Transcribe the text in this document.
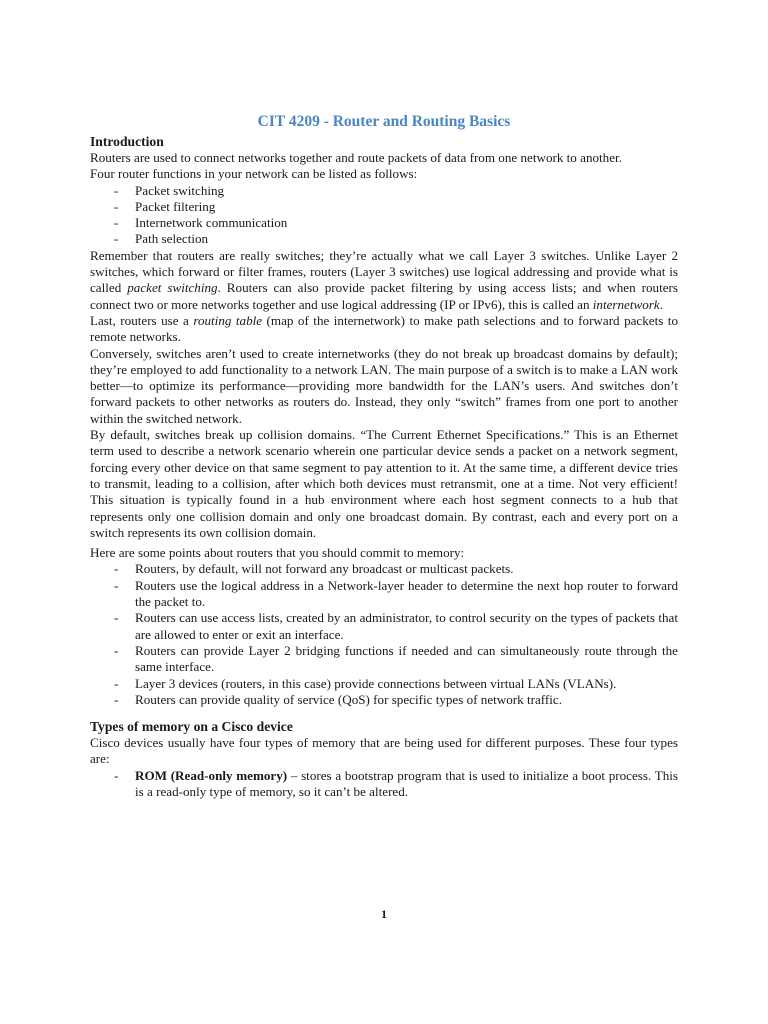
CIT 4209 - Router and Routing Basics
Introduction

Routers are used to connect networks together and route packets of data from one network to another.

Four router functions in your network can be listed as follows:

- Packet switching
- Packet filtering
- Internetwork communication
- Path selection

Remember that routers are really switches; they’re actually what we call Layer 3 switches. Unlike Layer 2 switches, which forward or filter frames, routers (Layer 3 switches) use logical addressing and provide what is called packet switching. Routers can also provide packet filtering by using access lists; and when routers connect two or more networks together and use logical addressing (IP or IPv6), this is called an internetwork.

Last, routers use a routing table (map of the internetwork) to make path selections and to forward packets to remote networks.

Conversely, switches aren’t used to create internetworks (they do not break up broadcast domains by default); they’re employed to add functionality to a network LAN. The main purpose of a switch is to make a LAN work better—to optimize its performance—providing more bandwidth for the LAN’s users. And switches don’t forward packets to other networks as routers do. Instead, they only “switch” frames from one port to another within the switched network.

By default, switches break up collision domains. “The Current Ethernet Specifications.” This is an Ethernet term used to describe a network scenario wherein one particular device sends a packet on a network segment, forcing every other device on that same segment to pay attention to it. At the same time, a different device tries to transmit, leading to a collision, after which both devices must retransmit, one at a time. Not very efficient! This situation is typically found in a hub environment where each host segment connects to a hub that represents only one collision domain and only one broadcast domain. By contrast, each and every port on a switch represents its own collision domain.

Here are some points about routers that you should commit to memory:

- Routers, by default, will not forward any broadcast or multicast packets.
- Routers use the logical address in a Network-layer header to determine the next hop router to forward the packet to.
- Routers can use access lists, created by an administrator, to control security on the types of packets that are allowed to enter or exit an interface.
- Routers can provide Layer 2 bridging functions if needed and can simultaneously route through the same interface.
- Layer 3 devices (routers, in this case) provide connections between virtual LANs (VLANs).
- Routers can provide quality of service (QoS) for specific types of network traffic.
Types of memory on a Cisco device

Cisco devices usually have four types of memory that are being used for different purposes. These four types are:

- ROM (Read-only memory) – stores a bootstrap program that is used to initialize a boot process. This is a read-only type of memory, so it can’t be altered.
1
